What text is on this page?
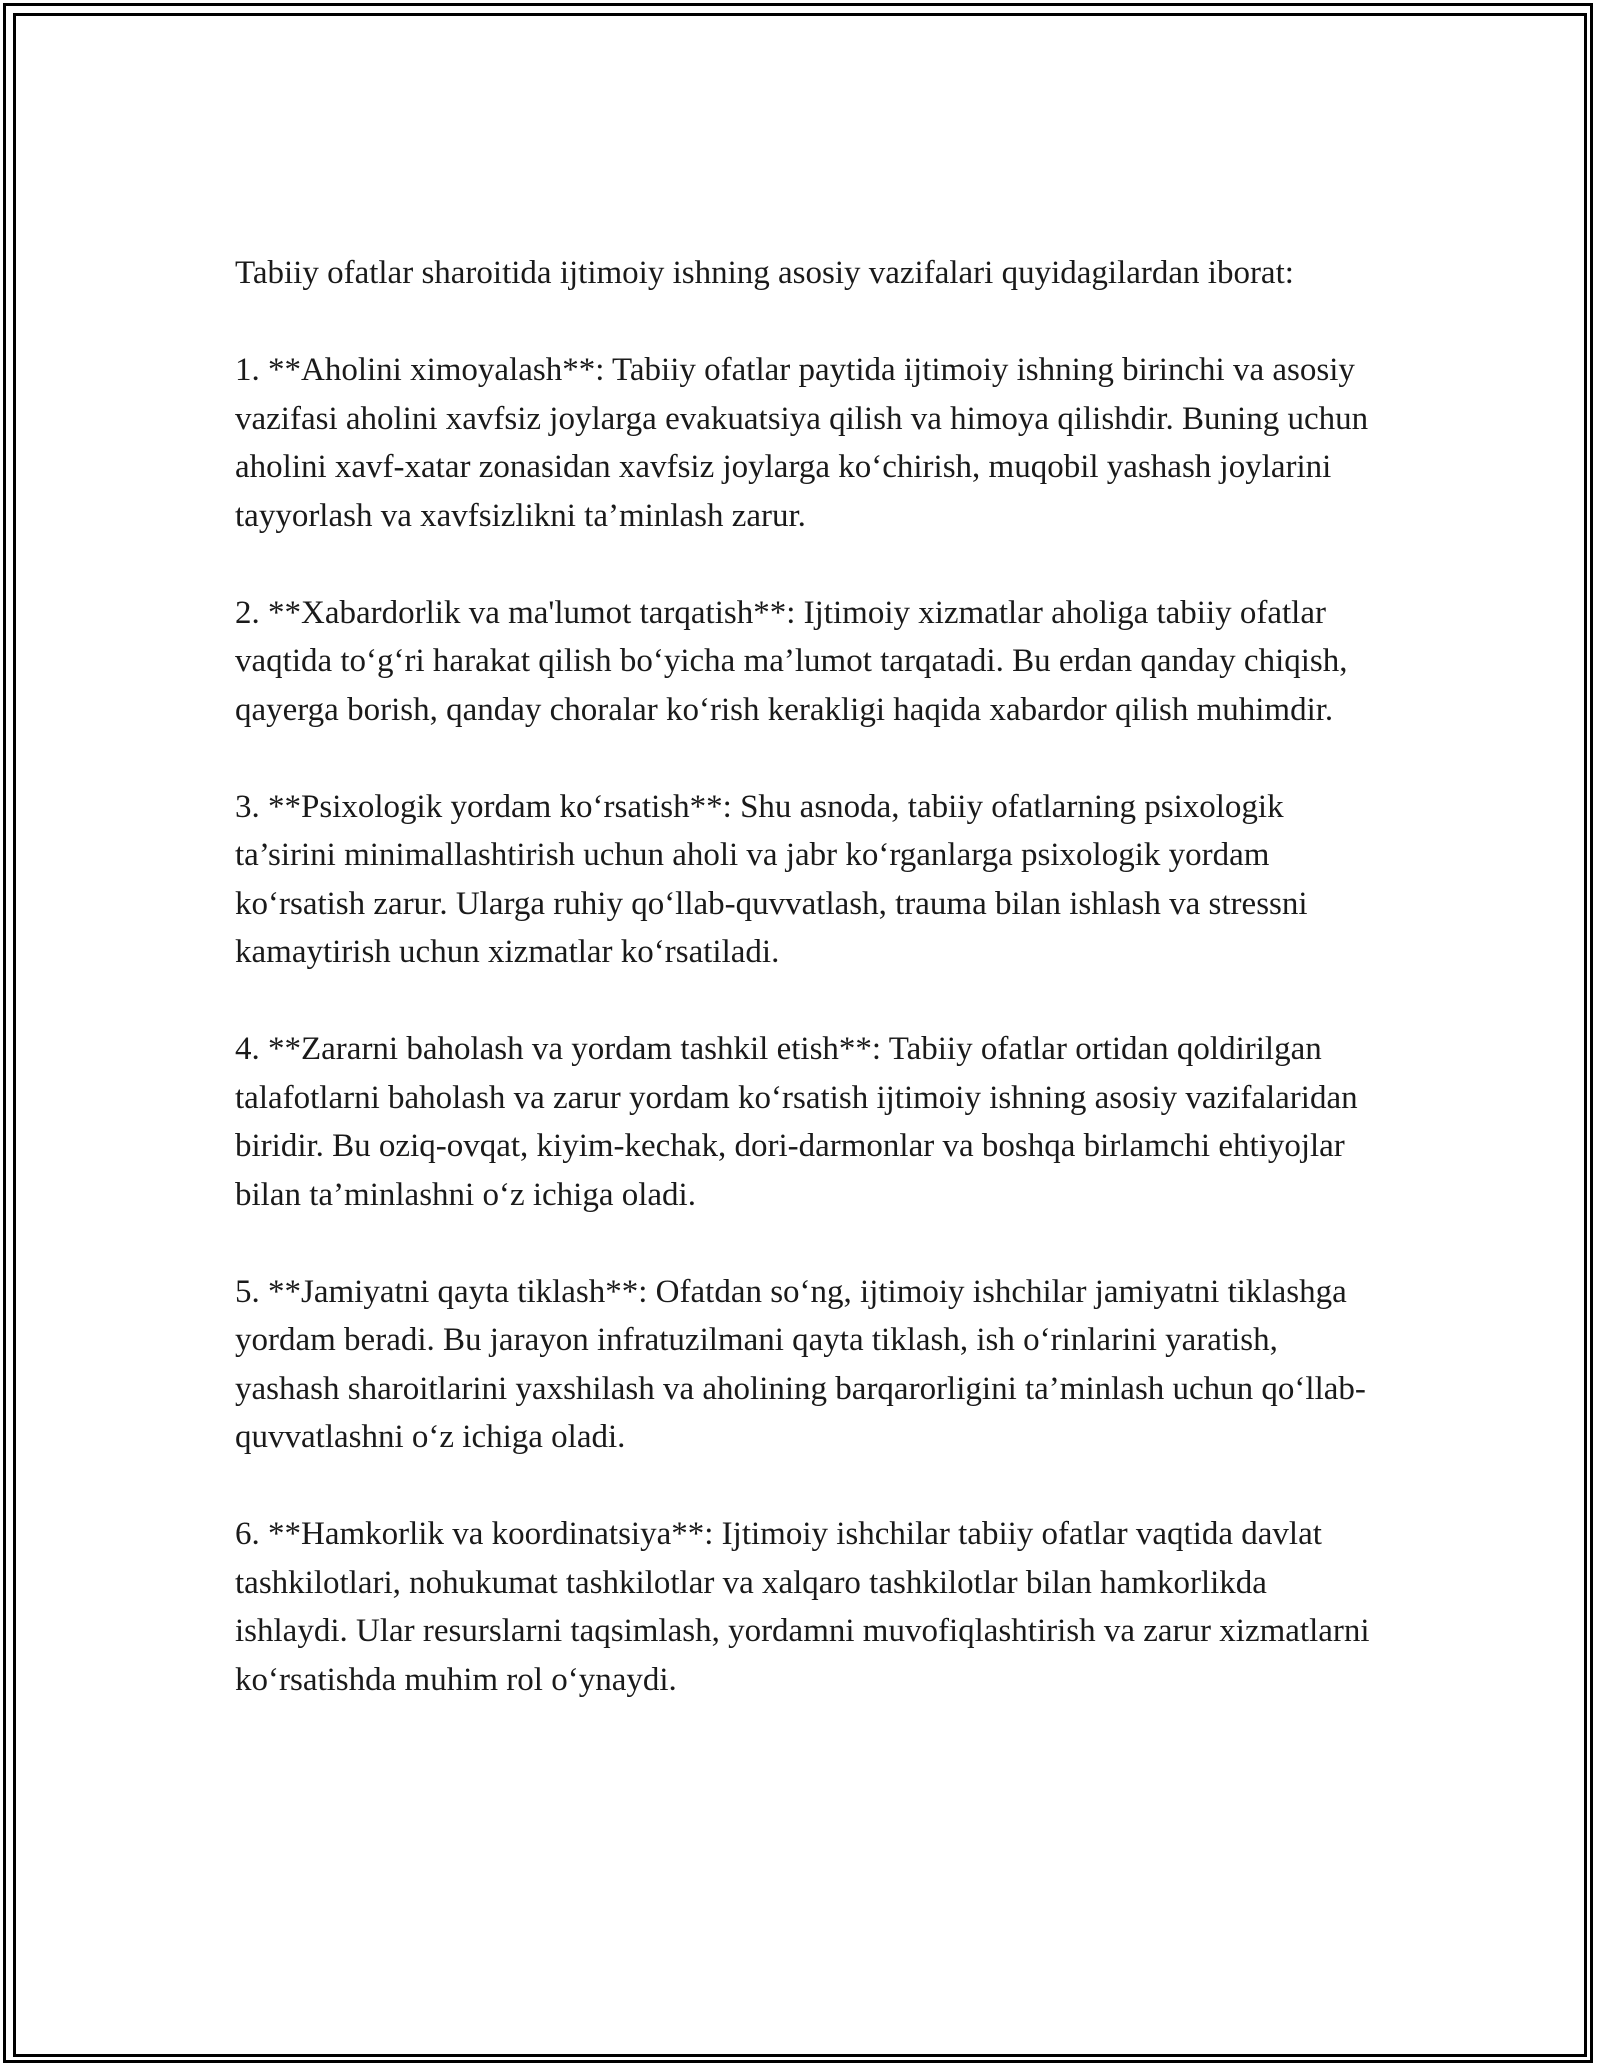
Tabiiy ofatlar sharoitida ijtimoiy ishning asosiy vazifalari quyidagilardan iborat:

1. **Aholini ximoyalash**: Tabiiy ofatlar paytida ijtimoiy ishning birinchi va asosiy vazifasi aholini xavfsiz joylarga evakuatsiya qilish va himoya qilishdir. Buning uchun aholini xavf-xatar zonasidan xavfsiz joylarga ko‘chirish, muqobil yashash joylarini tayyorlash va xavfsizlikni ta’minlash zarur.

2. **Xabardorlik va ma'lumot tarqatish**: Ijtimoiy xizmatlar aholiga tabiiy ofatlar vaqtida to‘g‘ri harakat qilish bo‘yicha ma’lumot tarqatadi. Bu erdan qanday chiqish, qayerga borish, qanday choralar ko‘rish kerakligi haqida xabardor qilish muhimdir.

3. **Psixologik yordam ko‘rsatish**: Shu asnoda, tabiiy ofatlarning psixologik ta’sirini minimallashtirish uchun aholi va jabr ko‘rganlarga psixologik yordam ko‘rsatish zarur. Ularga ruhiy qo‘llab-quvvatlash, trauma bilan ishlash va stressni kamaytirish uchun xizmatlar ko‘rsatiladi.

4. **Zararni baholash va yordam tashkil etish**: Tabiiy ofatlar ortidan qoldirilgan talafotlarni baholash va zarur yordam ko‘rsatish ijtimoiy ishning asosiy vazifalaridan biridir. Bu oziq-ovqat, kiyim-kechak, dori-darmonlar va boshqa birlamchi ehtiyojlar bilan ta’minlashni o‘z ichiga oladi.

5. **Jamiyatni qayta tiklash**: Ofatdan so‘ng, ijtimoiy ishchilar jamiyatni tiklashga yordam beradi. Bu jarayon infratuzilmani qayta tiklash, ish o‘rinlarini yaratish, yashash sharoitlarini yaxshilash va aholining barqarorligini ta’minlash uchun qo‘llab-quvvatlashni o‘z ichiga oladi.

6. **Hamkorlik va koordinatsiya**: Ijtimoiy ishchilar tabiiy ofatlar vaqtida davlat tashkilotlari, nohukumat tashkilotlar va xalqaro tashkilotlar bilan hamkorlikda ishlaydi. Ular resurslarni taqsimlash, yordamni muvofiqlashtirish va zarur xizmatlarni ko‘rsatishda muhim rol o‘ynaydi.
